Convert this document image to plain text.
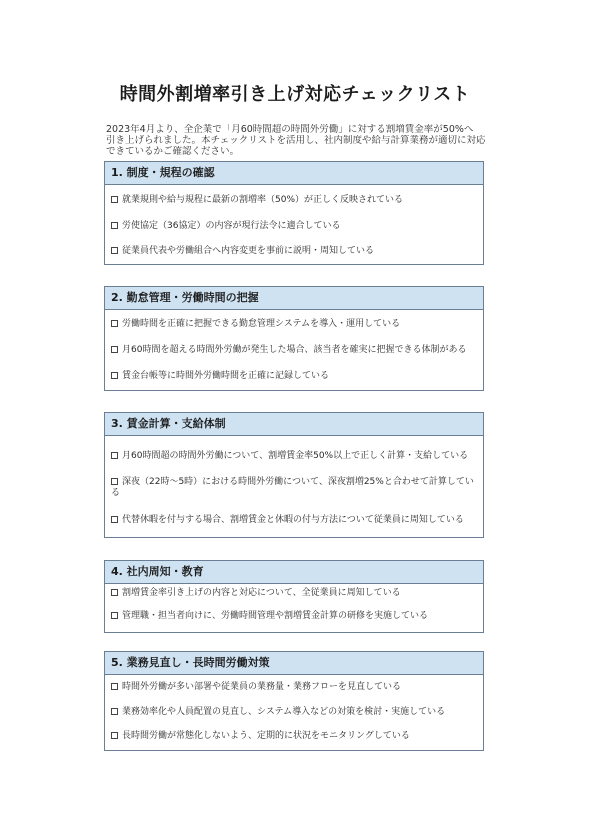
時間外割増率引き上げ対応チェックリスト
2023年4月より、全企業で「月60時間超の時間外労働」に対する割増賃金率が50%へ
引き上げられました。本チェックリストを活用し、社内制度や給与計算業務が適切に対応
できているかご確認ください。
1. 制度・規程の確認
就業規則や給与規程に最新の割増率（50%）が正しく反映されている
労使協定（36協定）の内容が現行法令に適合している
従業員代表や労働組合へ内容変更を事前に説明・周知している
2. 勤怠管理・労働時間の把握
労働時間を正確に把握できる勤怠管理システムを導入・運用している
月60時間を超える時間外労働が発生した場合、該当者を確実に把握できる体制がある
賃金台帳等に時間外労働時間を正確に記録している
3. 賃金計算・支給体制
月60時間超の時間外労働について、割増賃金率50%以上で正しく計算・支給している
深夜（22時〜5時）における時間外労働について、深夜割増25%と合わせて計算している
代替休暇を付与する場合、割増賃金と休暇の付与方法について従業員に周知している
4. 社内周知・教育
割増賃金率引き上げの内容と対応について、全従業員に周知している
管理職・担当者向けに、労働時間管理や割増賃金計算の研修を実施している
5. 業務見直し・長時間労働対策
時間外労働が多い部署や従業員の業務量・業務フローを見直している
業務効率化や人員配置の見直し、システム導入などの対策を検討・実施している
長時間労働が常態化しないよう、定期的に状況をモニタリングしている
